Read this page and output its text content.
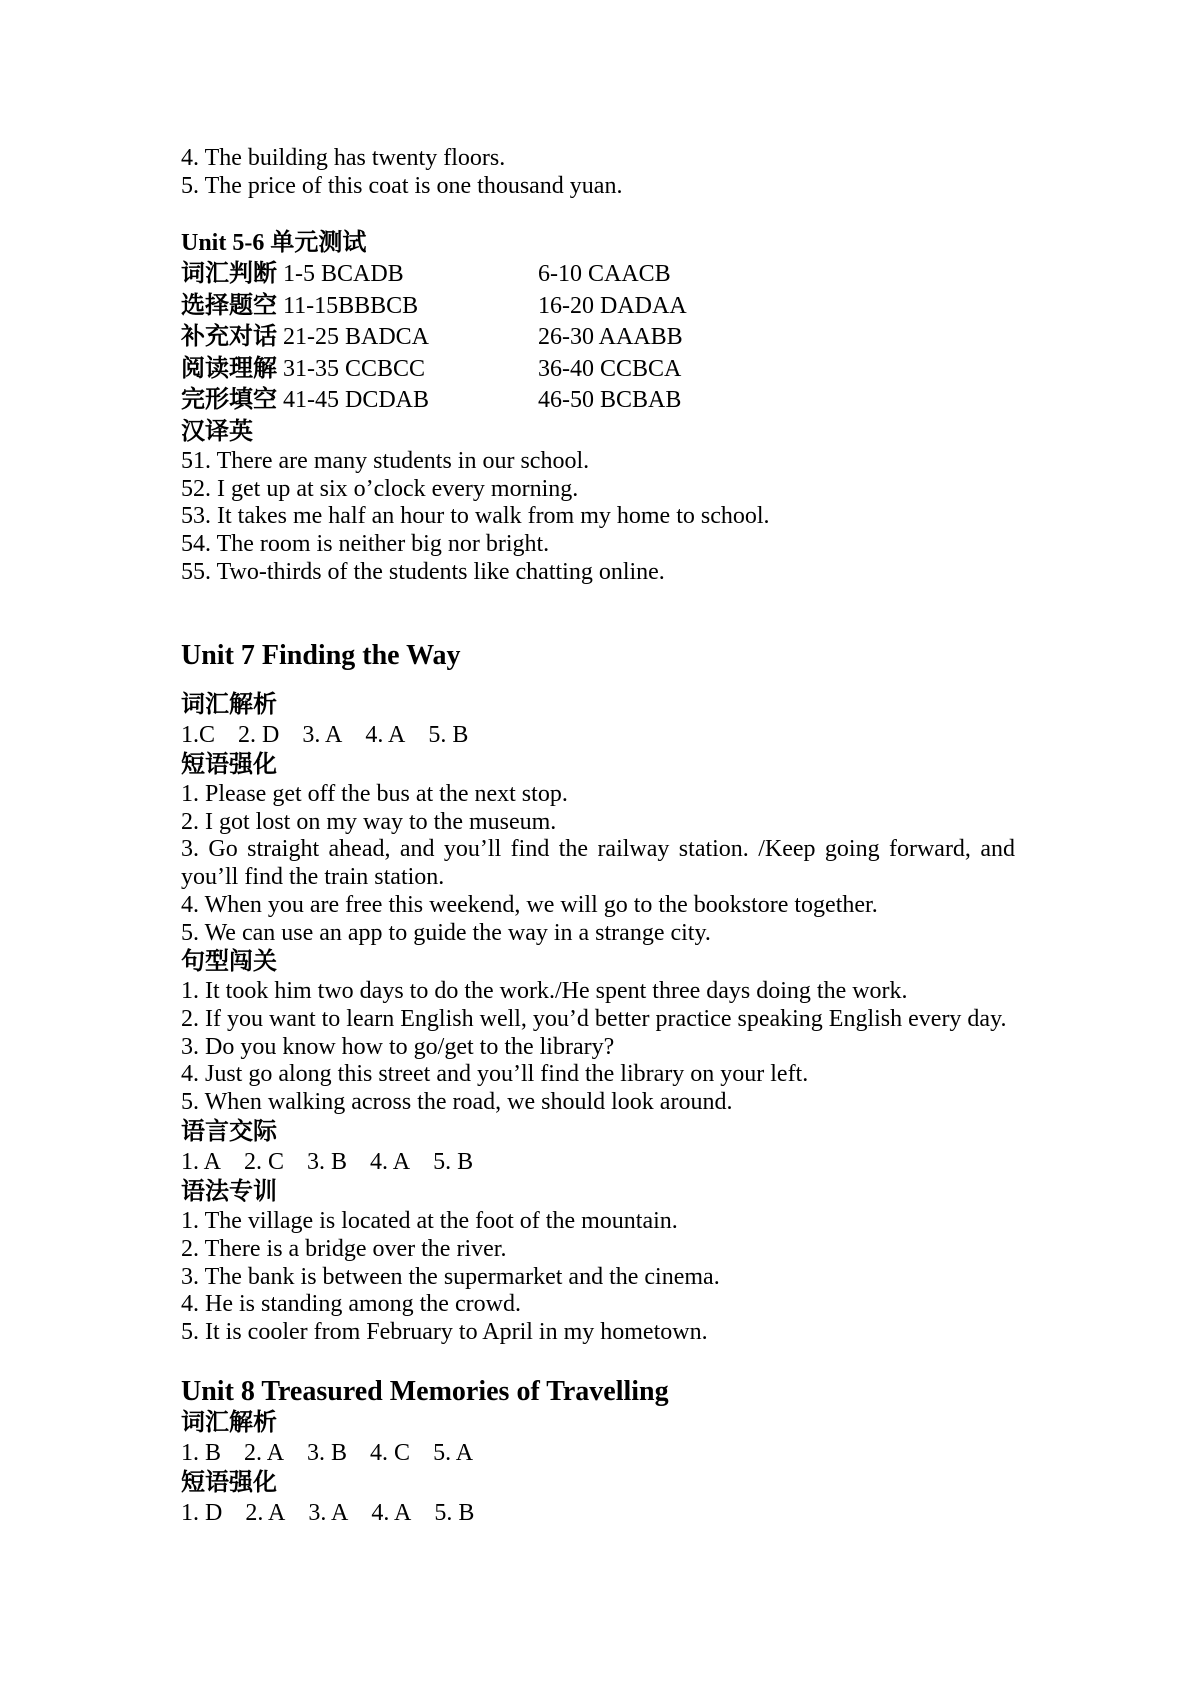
4. The building has twenty floors.
5. The price of this coat is one thousand yuan.
Unit 5-6 单元测试
词汇判断 1-5 BCADB	6-10 CAACB
选择题空 11-15BBBCB	16-20 DADAA
补充对话 21-25 BADCA	26-30 AAABB
阅读理解 31-35 CCBCC	36-40 CCBCA
完形填空 41-45 DCDAB	46-50 BCBAB
汉译英
51. There are many students in our school.
52. I get up at six o’clock every morning.
53. It takes me half an hour to walk from my home to school.
54. The room is neither big nor bright.
55. Two-thirds of the students like chatting online.
Unit 7 Finding the Way
词汇解析
1.C 2. D 3. A 4. A 5. B
短语强化
1. Please get off the bus at the next stop.
2. I got lost on my way to the museum.
3. Go straight ahead, and you’ll find the railway station. /Keep going forward, and you’ll find the train station.
4. When you are free this weekend, we will go to the bookstore together.
5. We can use an app to guide the way in a strange city.
句型闯关
1. It took him two days to do the work./He spent three days doing the work.
2. If you want to learn English well, you’d better practice speaking English every day.
3. Do you know how to go/get to the library?
4. Just go along this street and you’ll find the library on your left.
5. When walking across the road, we should look around.
语言交际
1. A 2. C 3. B 4. A 5. B
语法专训
1. The village is located at the foot of the mountain.
2. There is a bridge over the river.
3. The bank is between the supermarket and the cinema.
4. He is standing among the crowd.
5. It is cooler from February to April in my hometown.
Unit 8 Treasured Memories of Travelling
词汇解析
1. B 2. A 3. B 4. C 5. A
短语强化
1. D 2. A 3. A 4. A 5. B
